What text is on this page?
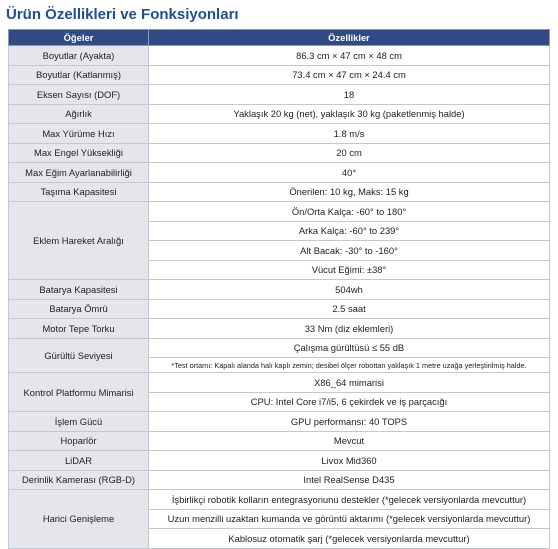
Ürün Özellikleri ve Fonksiyonları
Öğeler	Özellikler
Boyutlar (Ayakta)	86.3 cm × 47 cm × 48 cm
Boyutlar (Katlanmış)	73.4 cm × 47 cm × 24.4 cm
Eksen Sayısı (DOF)	18
Ağırlık	Yaklaşık 20 kg (net), yaklaşık 30 kg (paketlenmiş halde)
Max Yürüme Hızı	1.8 m/s
Max Engel Yüksekliği	20 cm
Max Eğim Ayarlanabilirliği	40°
Taşıma Kapasitesi	Önerilen: 10 kg, Maks: 15 kg
Eklem Hareket Aralığı	Ön/Orta Kalça: -60° to 180°
	Arka Kalça: -60° to 239°
	Alt Bacak: -30° to -160°
	Vücut Eğimi: ±38°
Batarya Kapasitesi	504wh
Batarya Ömrü	2.5 saat
Motor Tepe Torku	33 Nm (diz eklemleri)
Gürültü Seviyesi	Çalışma gürültüsü ≤ 55 dB
	*Test ortamı: Kapalı alanda halı kaplı zemin; desibel ölçer robottan yaklaşık 1 metre uzağa yerleştirilmiş halde.
Kontrol Platformu Mimarisi	X86_64 mimarisi
	CPU: Intel Core i7/i5, 6 çekirdek ve iş parçacığı
İşlem Gücü	GPU performansı: 40 TOPS
Hoparlör	Mevcut
LiDAR	Livox Mid360
Derinlik Kamerası (RGB-D)	Intel RealSense D435
Harici Genişleme	İşbirlikçi robotik kolların entegrasyonunu destekler (*gelecek versiyonlarda mevcuttur)
	Uzun menzilli uzaktan kumanda ve görüntü aktarımı (*gelecek versiyonlarda mevcuttur)
	Kablosuz otomatik şarj (*gelecek versiyonlarda mevcuttur)
